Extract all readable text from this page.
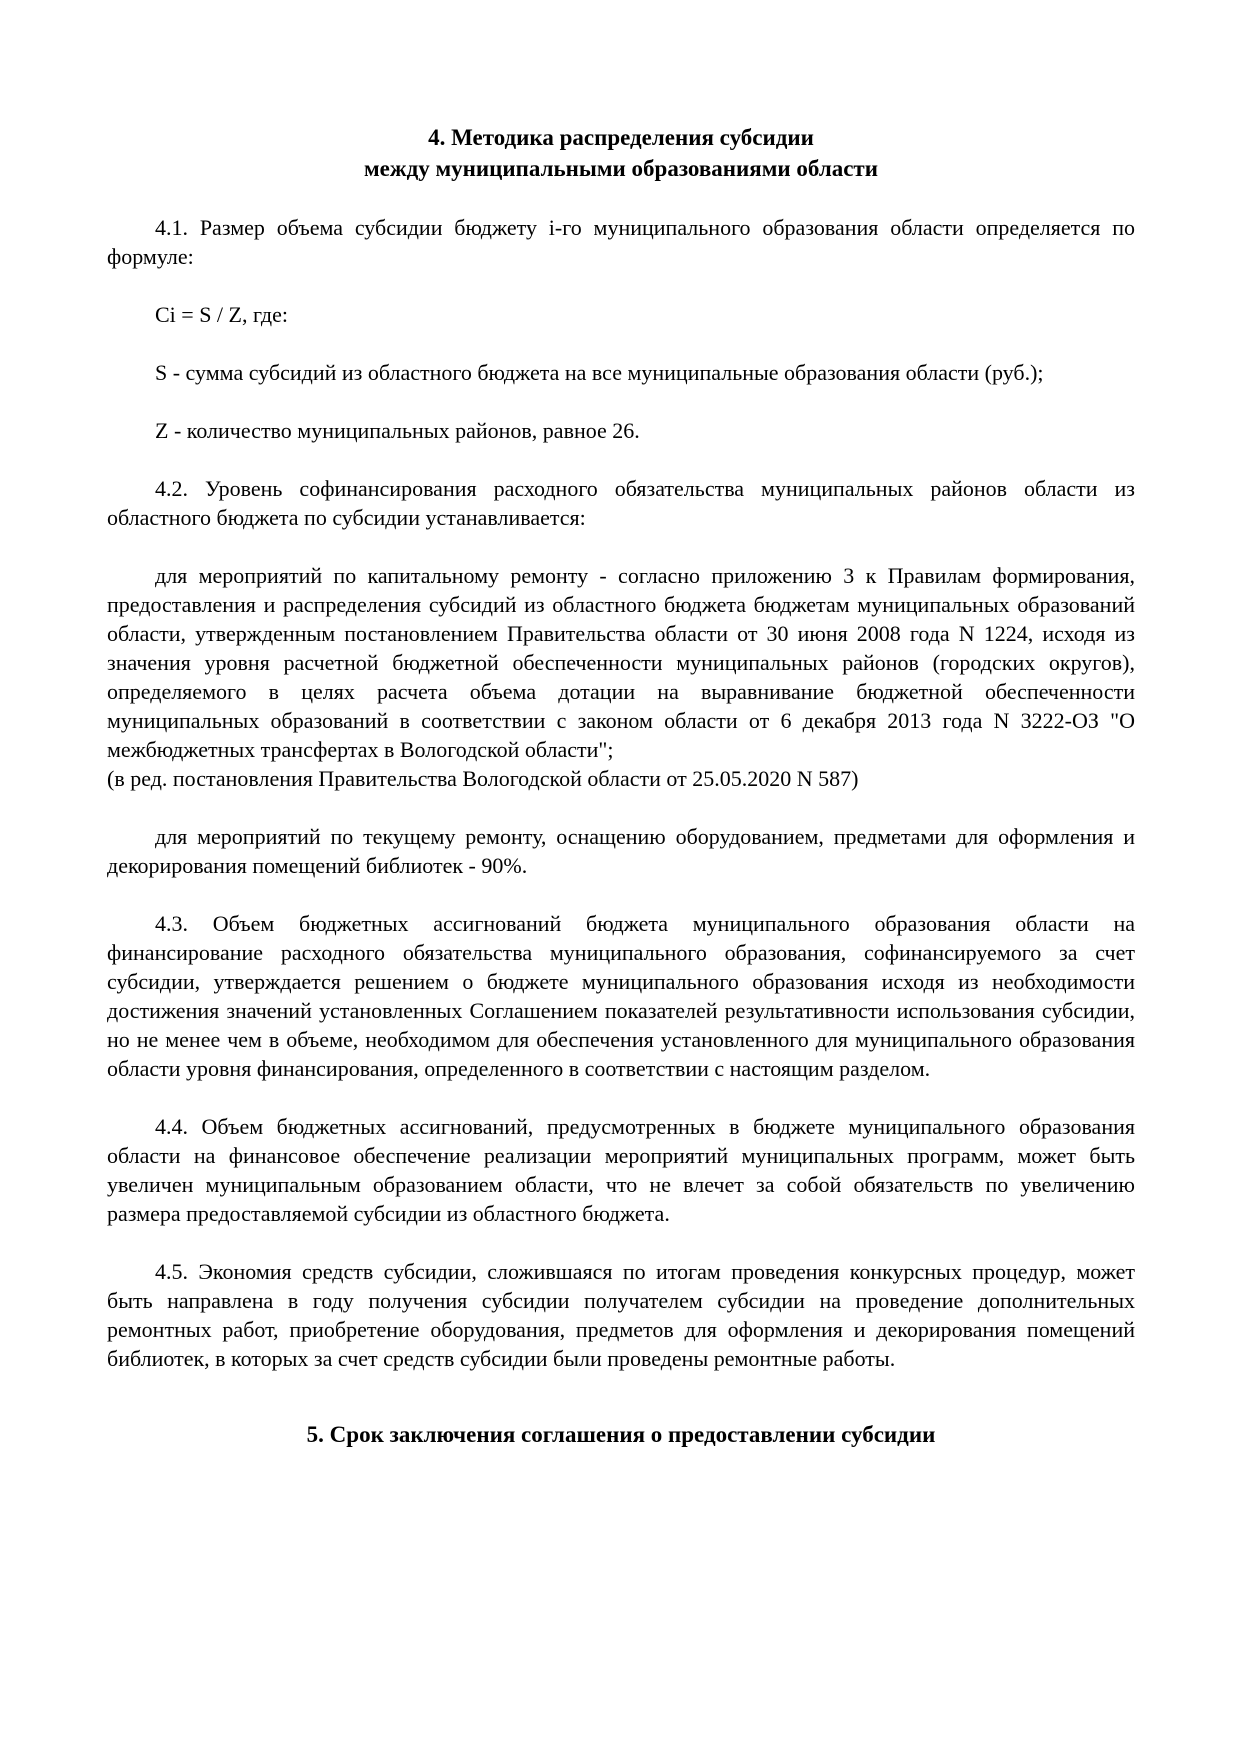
4. Методика распределения субсидии
между муниципальными образованиями области

4.1. Размер объема субсидии бюджету i-го муниципального образования области определяется по формуле:

Ci = S / Z, где:

S - сумма субсидий из областного бюджета на все муниципальные образования области (руб.);

Z - количество муниципальных районов, равное 26.

4.2. Уровень софинансирования расходного обязательства муниципальных районов области из областного бюджета по субсидии устанавливается:

для мероприятий по капитальному ремонту - согласно приложению 3 к Правилам формирования, предоставления и распределения субсидий из областного бюджета бюджетам муниципальных образований области, утвержденным постановлением Правительства области от 30 июня 2008 года N 1224, исходя из значения уровня расчетной бюджетной обеспеченности муниципальных районов (городских округов), определяемого в целях расчета объема дотации на выравнивание бюджетной обеспеченности муниципальных образований в соответствии с законом области от 6 декабря 2013 года N 3222-ОЗ "О межбюджетных трансфертах в Вологодской области";

(в ред. постановления Правительства Вологодской области от 25.05.2020 N 587)

для мероприятий по текущему ремонту, оснащению оборудованием, предметами для оформления и декорирования помещений библиотек - 90%.

4.3. Объем бюджетных ассигнований бюджета муниципального образования области на финансирование расходного обязательства муниципального образования, софинансируемого за счет субсидии, утверждается решением о бюджете муниципального образования исходя из необходимости достижения значений установленных Соглашением показателей результативности использования субсидии, но не менее чем в объеме, необходимом для обеспечения установленного для муниципального образования области уровня финансирования, определенного в соответствии с настоящим разделом.

4.4. Объем бюджетных ассигнований, предусмотренных в бюджете муниципального образования области на финансовое обеспечение реализации мероприятий муниципальных программ, может быть увеличен муниципальным образованием области, что не влечет за собой обязательств по увеличению размера предоставляемой субсидии из областного бюджета.

4.5. Экономия средств субсидии, сложившаяся по итогам проведения конкурсных процедур, может быть направлена в году получения субсидии получателем субсидии на проведение дополнительных ремонтных работ, приобретение оборудования, предметов для оформления и декорирования помещений библиотек, в которых за счет средств субсидии были проведены ремонтные работы.

5. Срок заключения соглашения о предоставлении субсидии
